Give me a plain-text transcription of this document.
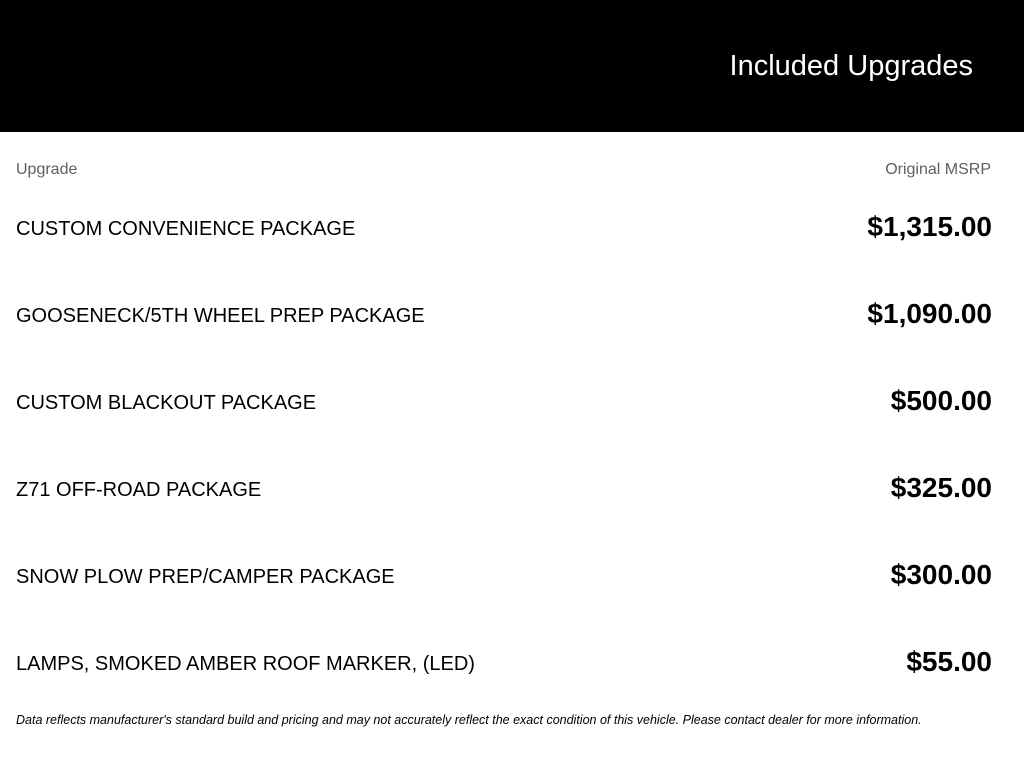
Included Upgrades
Upgrade	Original MSRP
CUSTOM CONVENIENCE PACKAGE	$1,315.00
GOOSENECK/5TH WHEEL PREP PACKAGE	$1,090.00
CUSTOM BLACKOUT PACKAGE	$500.00
Z71 OFF-ROAD PACKAGE	$325.00
SNOW PLOW PREP/CAMPER PACKAGE	$300.00
LAMPS, SMOKED AMBER ROOF MARKER, (LED)	$55.00
Data reflects manufacturer's standard build and pricing and may not accurately reflect the exact condition of this vehicle. Please contact dealer for more information.
